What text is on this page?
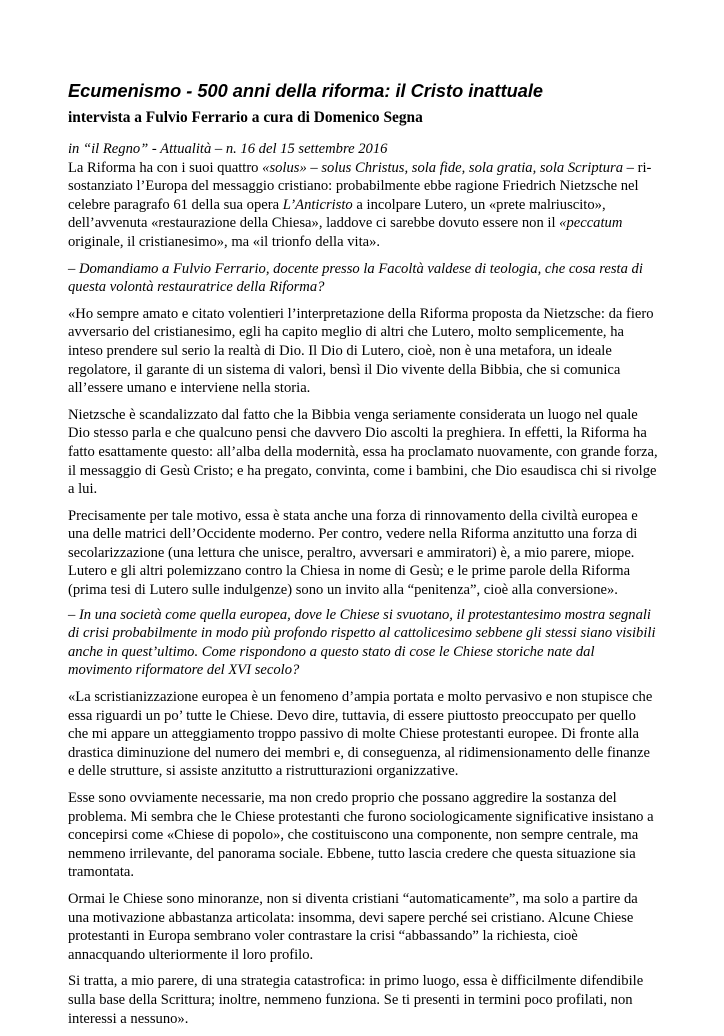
Ecumenismo - 500 anni della riforma: il Cristo inattuale
intervista a Fulvio Ferrario a cura di Domenico Segna
in “il Regno” - Attualità – n. 16 del 15 settembre 2016

La Riforma ha con i suoi quattro «solus» – solus Christus, sola fide, sola gratia, sola Scriptura – ri-sostanziato l’Europa del messaggio cristiano: probabilmente ebbe ragione Friedrich Nietzsche nel celebre paragrafo 61 della sua opera L’Anticristo a incolpare Lutero, un «prete malriuscito», dell’avvenuta «restaurazione della Chiesa», laddove ci sarebbe dovuto essere non il «peccatum originale, il cristianesimo», ma «il trionfo della vita».

– Domandiamo a Fulvio Ferrario, docente presso la Facoltà valdese di teologia, che cosa resta di questa volontà restauratrice della Riforma?

«Ho sempre amato e citato volentieri l’interpretazione della Riforma proposta da Nietzsche: da fiero avversario del cristianesimo, egli ha capito meglio di altri che Lutero, molto semplicemente, ha inteso prendere sul serio la realtà di Dio. Il Dio di Lutero, cioè, non è una metafora, un ideale regolatore, il garante di un sistema di valori, bensì il Dio vivente della Bibbia, che si comunica all’essere umano e interviene nella storia.

Nietzsche è scandalizzato dal fatto che la Bibbia venga seriamente considerata un luogo nel quale Dio stesso parla e che qualcuno pensi che davvero Dio ascolti la preghiera. In effetti, la Riforma ha fatto esattamente questo: all’alba della modernità, essa ha proclamato nuovamente, con grande forza, il messaggio di Gesù Cristo; e ha pregato, convinta, come i bambini, che Dio esaudisca chi si rivolge a lui.

Precisamente per tale motivo, essa è stata anche una forza di rinnovamento della civiltà europea e una delle matrici dell’Occidente moderno. Per contro, vedere nella Riforma anzitutto una forza di secolarizzazione (una lettura che unisce, peraltro, avversari e ammiratori) è, a mio parere, miope. Lutero e gli altri polemizzano contro la Chiesa in nome di Gesù; e le prime parole della Riforma (prima tesi di Lutero sulle indulgenze) sono un invito alla “penitenza”, cioè alla conversione».

– In una società come quella europea, dove le Chiese si svuotano, il protestantesimo mostra segnali di crisi probabilmente in modo più profondo rispetto al cattolicesimo sebbene gli stessi siano visibili anche in quest’ultimo. Come rispondono a questo stato di cose le Chiese storiche nate dal movimento riformatore del XVI secolo?

«La scristianizzazione europea è un fenomeno d’ampia portata e molto pervasivo e non stupisce che essa riguardi un po’ tutte le Chiese. Devo dire, tuttavia, di essere piuttosto preoccupato per quello che mi appare un atteggiamento troppo passivo di molte Chiese protestanti europee. Di fronte alla drastica diminuzione del numero dei membri e, di conseguenza, al ridimensionamento delle finanze e delle strutture, si assiste anzitutto a ristrutturazioni organizzative.

Esse sono ovviamente necessarie, ma non credo proprio che possano aggredire la sostanza del problema. Mi sembra che le Chiese protestanti che furono sociologicamente significative insistano a concepirsi come «Chiese di popolo», che costituiscono una componente, non sempre centrale, ma nemmeno irrilevante, del panorama sociale. Ebbene, tutto lascia credere che questa situazione sia tramontata.

Ormai le Chiese sono minoranze, non si diventa cristiani “automaticamente”, ma solo a partire da una motivazione abbastanza articolata: insomma, devi sapere perché sei cristiano. Alcune Chiese protestanti in Europa sembrano voler contrastare la crisi “abbassando” la richiesta, cioè annacquando ulteriormente il loro profilo.

Si tratta, a mio parere, di una strategia catastrofica: in primo luogo, essa è difficilmente difendibile sulla base della Scrittura; inoltre, nemmeno funziona. Se ti presenti in termini poco profilati, non interessi a nessuno».
